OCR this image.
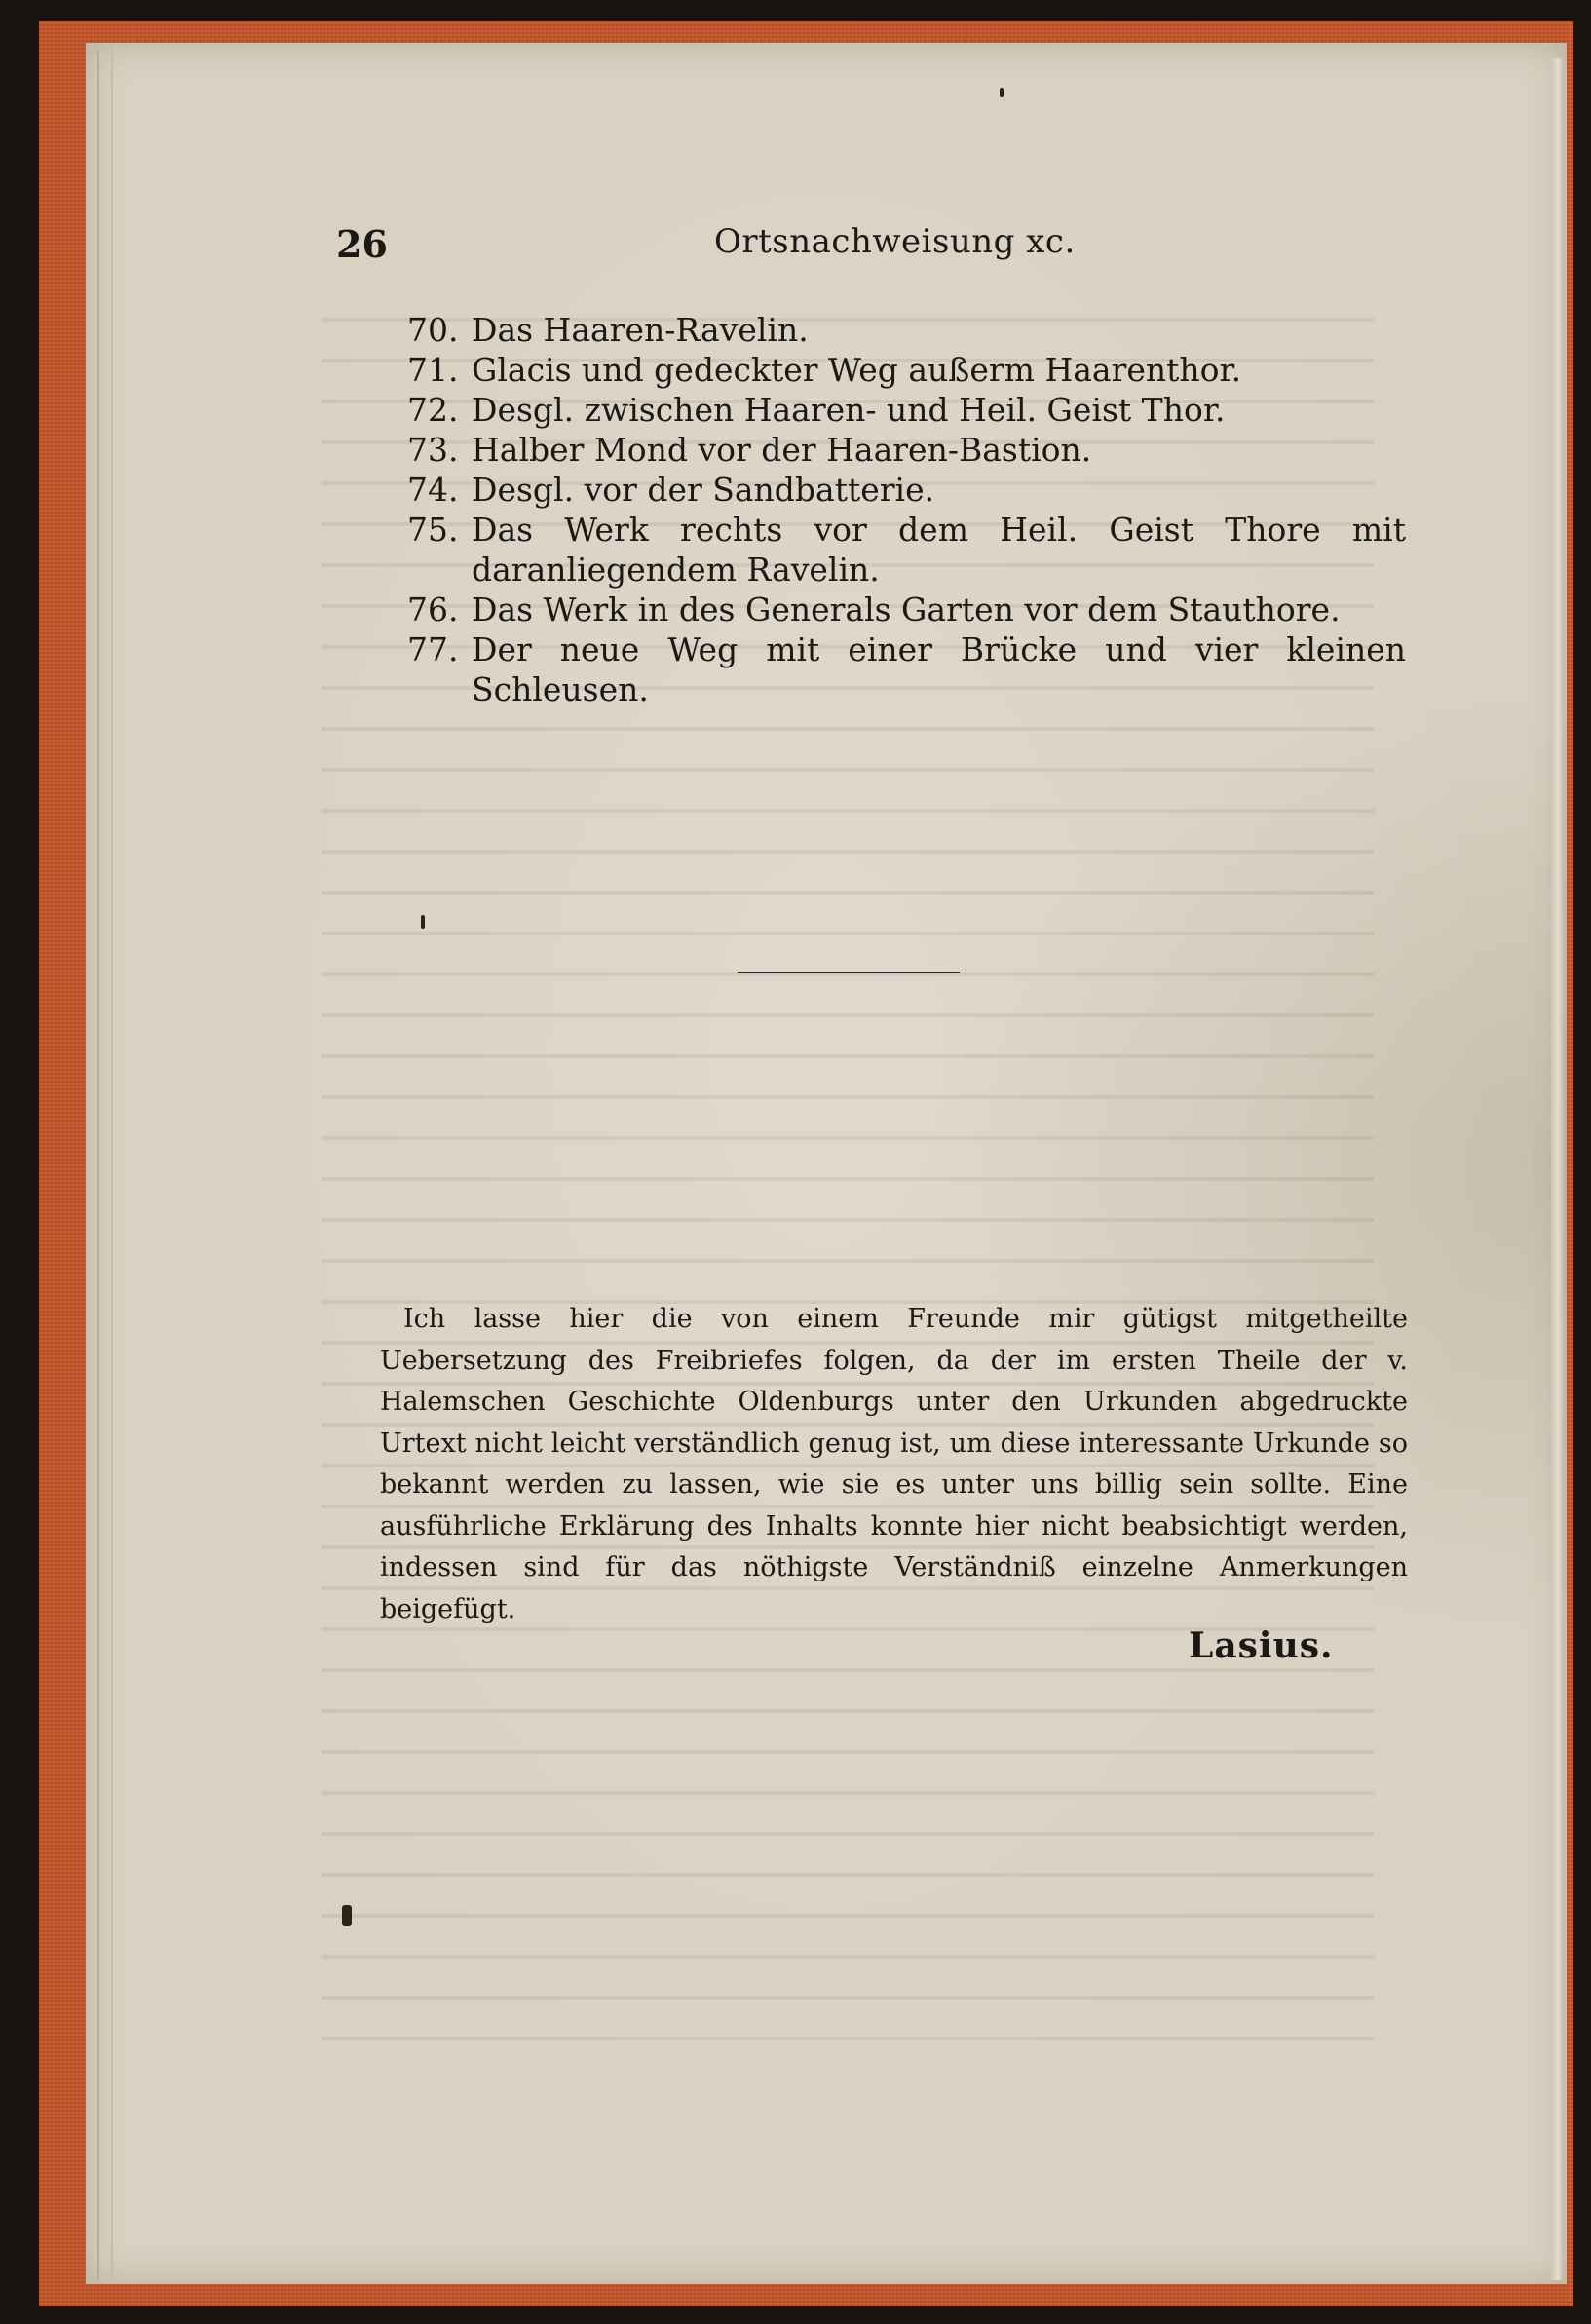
26	Ortsnachweisung xc.
70. Das Haaren-Ravelin.
71. Glacis und gedeckter Weg außerm Haarenthor.
72. Desgl. zwischen Haaren- und Heil. Geist Thor.
73. Halber Mond vor der Haaren-Bastion.
74. Desgl. vor der Sandbatterie.
75. Das Werk rechts vor dem Heil. Geist Thore mit daranliegendem Ravelin.
76. Das Werk in des Generals Garten vor dem Stauthore.
77. Der neue Weg mit einer Brücke und vier kleinen Schleusen.
Ich lasse hier die von einem Freunde mir gütigst mitgetheilte Uebersetzung des Freibriefes folgen, da der im ersten Theile der v. Halemschen Geschichte Oldenburgs unter den Urkunden abgedruckte Urtext nicht leicht verständlich genug ist, um diese interessante Urkunde so bekannt werden zu lassen, wie sie es unter uns billig sein sollte. Eine ausführliche Erklärung des Inhalts konnte hier nicht beabsichtigt werden, indessen sind für das nöthigste Verständniß einzelne Anmerkungen beigefügt.
Lasius.
